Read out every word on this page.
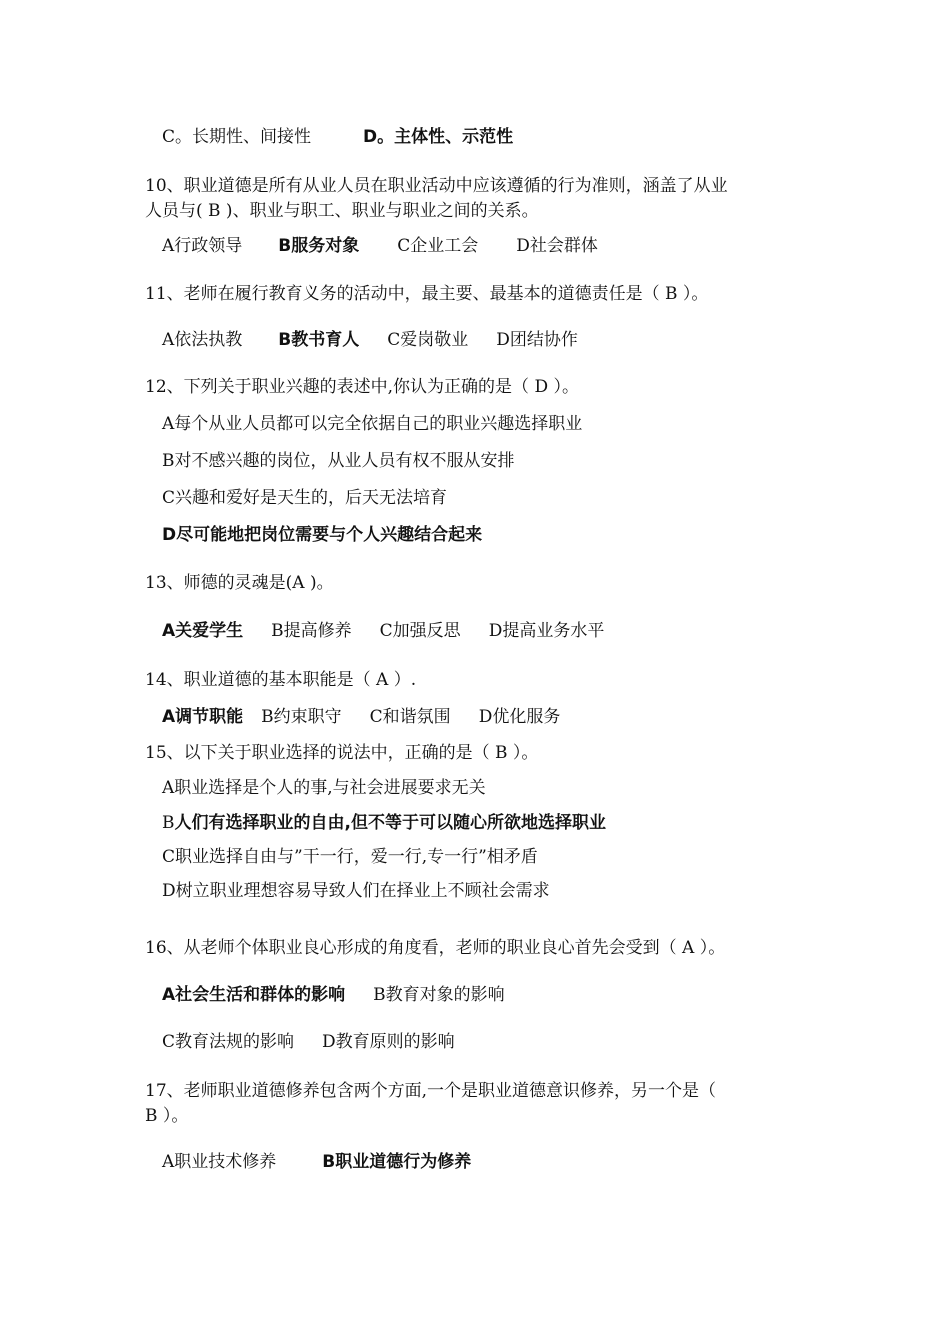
C。长期性、间接性	D。主体性、示范性
10、职业道德是所有从业人员在职业活动中应该遵循的行为准则，涵盖了从业
人员与( B )、职业与职工、职业与职业之间的关系。
A行政领导 B服务对象 C企业工会 D社会群体
11、老师在履行教育义务的活动中，最主要、最基本的道德责任是（ B ）。
A依法执教 B教书育人 C爱岗敬业 D团结协作
12、下列关于职业兴趣的表述中,你认为正确的是（ D ）。
A每个从业人员都可以完全依据自己的职业兴趣选择职业
B对不感兴趣的岗位，从业人员有权不服从安排
C兴趣和爱好是天生的，后天无法培育
D尽可能地把岗位需要与个人兴趣结合起来
13、师德的灵魂是(A )。
A关爱学生 B提高修养 C加强反思 D提高业务水平
14、职业道德的基本职能是（ A ）.
A调节职能 B约束职守 C和谐氛围 D优化服务
15、以下关于职业选择的说法中，正确的是（ B ）。
A职业选择是个人的事,与社会进展要求无关
B人们有选择职业的自由,但不等于可以随心所欲地选择职业
C职业选择自由与”干一行，爱一行,专一行”相矛盾
D树立职业理想容易导致人们在择业上不顾社会需求
16、从老师个体职业良心形成的角度看，老师的职业良心首先会受到（ A ）。
A社会生活和群体的影响 B教育对象的影响
C教育法规的影响 D教育原则的影响
17、老师职业道德修养包含两个方面,一个是职业道德意识修养，另一个是（
B ）。
A职业技术修养	B职业道德行为修养
